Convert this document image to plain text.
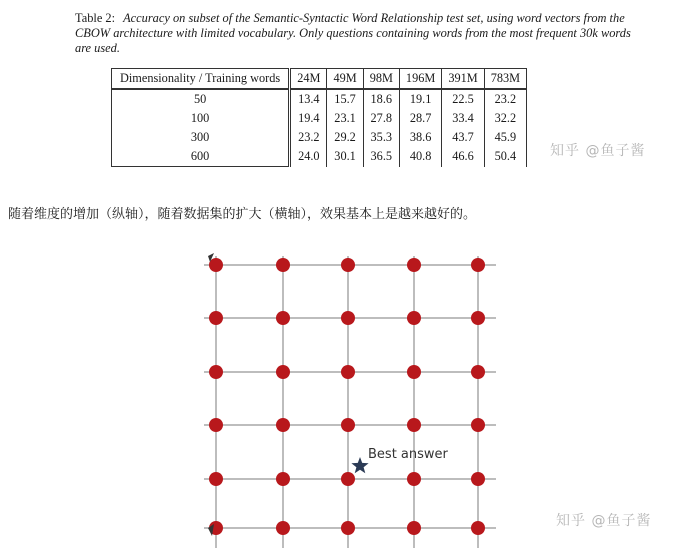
Table 2: Accuracy on subset of the Semantic-Syntactic Word Relationship test set, using word vectors from the CBOW architecture with limited vocabulary. Only questions containing words from the most frequent 30k words are used.
Dimensionality / Training words	24M	49M	98M	196M	391M	783M
50	13.4	15.7	18.6	19.1	22.5	23.2
100	19.4	23.1	27.8	28.7	33.4	32.2
300	23.2	29.2	35.3	38.6	43.7	45.9
600	24.0	30.1	36.5	40.8	46.6	50.4 知乎 @鱼子酱
随着维度的增加（纵轴），随着数据集的扩大（横轴），效果基本上是越来越好的。
Best answer
知乎 @鱼子酱
